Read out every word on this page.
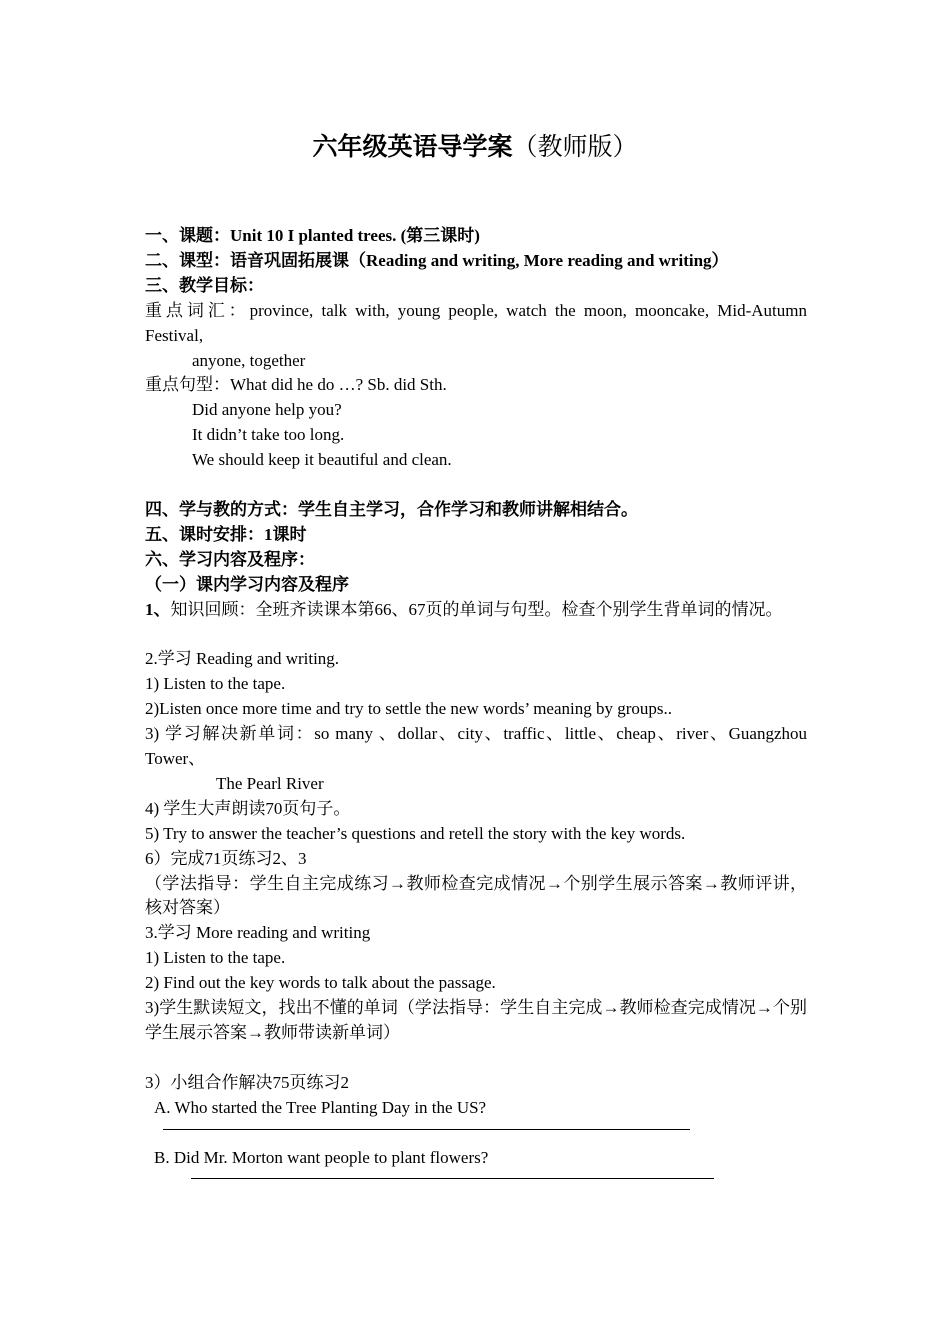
六年级英语导学案（教师版）
一、课题：Unit 10 I planted trees. (第三课时)
二、课型：语音巩固拓展课（Reading and writing, More reading and writing）
三、教学目标：
重点词汇：province, talk with, young people, watch the moon, mooncake, Mid-Autumn Festival,
anyone, together
重点句型：What did he do …? Sb. did Sth.
Did anyone help you?
It didn’t take too long.
We should keep it beautiful and clean.
四、学与教的方式：学生自主学习，合作学习和教师讲解相结合。
五、课时安排：1课时
六、学习内容及程序：
（一）课内学习内容及程序
1、知识回顾：全班齐读课本第66、67页的单词与句型。检查个别学生背单词的情况。
2.学习 Reading and writing.
1) Listen to the tape.
2)Listen once more time and try to settle the new words’ meaning by groups..
3) 学习解决新单词：so many 、dollar、city、traffic、little、cheap、river、Guangzhou Tower、
The Pearl River
4) 学生大声朗读70页句子。
5) Try to answer the teacher’s questions and retell the story with the key words.
6）完成71页练习2、3
（学法指导：学生自主完成练习→教师检查完成情况→个别学生展示答案→教师评讲，核对答案）
3.学习 More reading and writing
1) Listen to the tape.
2) Find out the key words to talk about the passage.
3)学生默读短文，找出不懂的单词（学法指导：学生自主完成→教师检查完成情况→个别学生展示答案→教师带读新单词）
3）小组合作解决75页练习2
A. Who started the Tree Planting Day in the US?
B. Did Mr. Morton want people to plant flowers?
